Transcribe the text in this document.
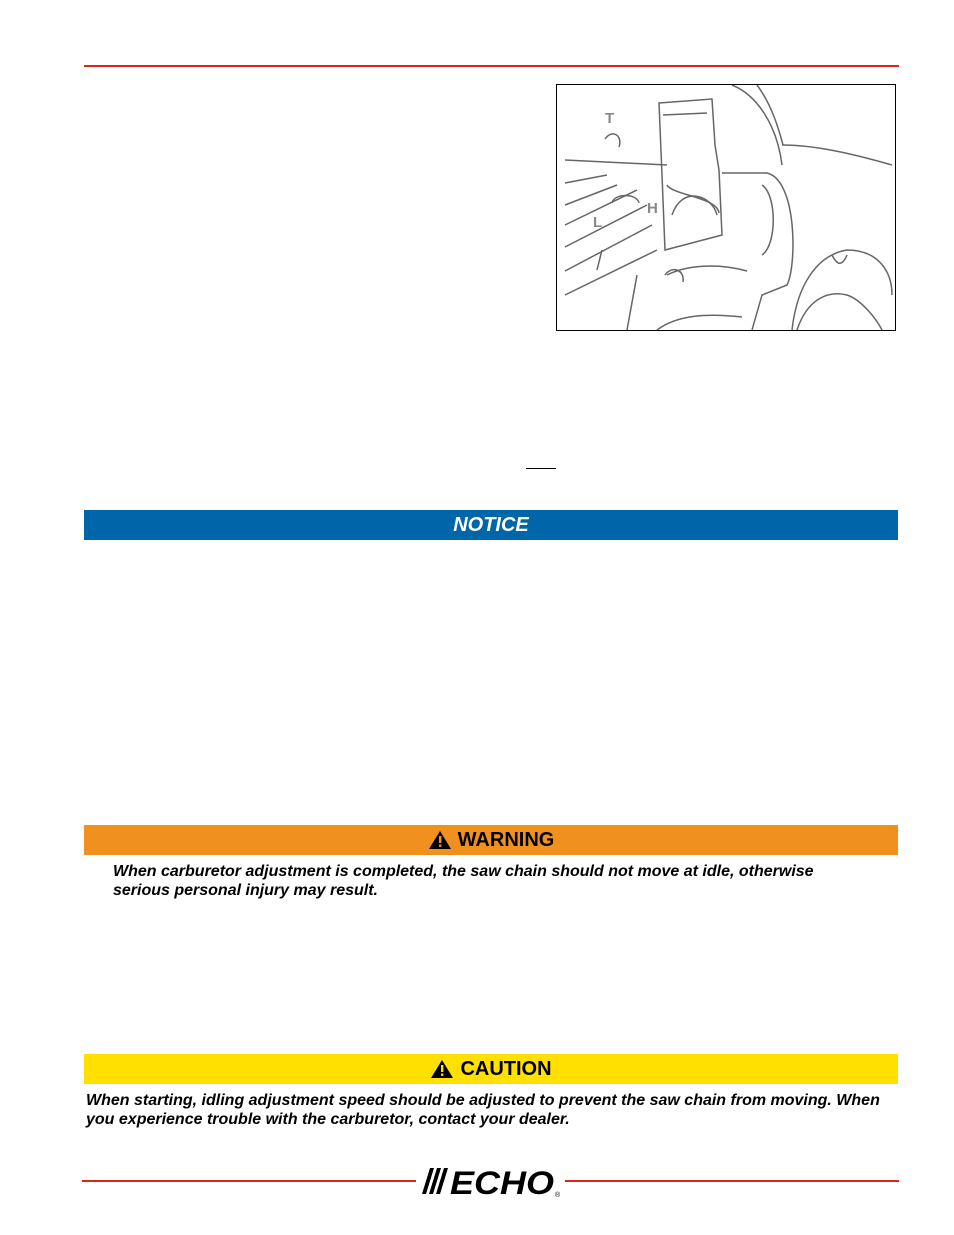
T
L
H
NOTICE
WARNING
When carburetor adjustment is completed, the saw chain should not move at idle, otherwise serious personal injury may result.
CAUTION
When starting, idling adjustment speed should be adjusted to prevent the saw chain from moving. When you experience trouble with the carburetor, contact your dealer.
ECHO ®
